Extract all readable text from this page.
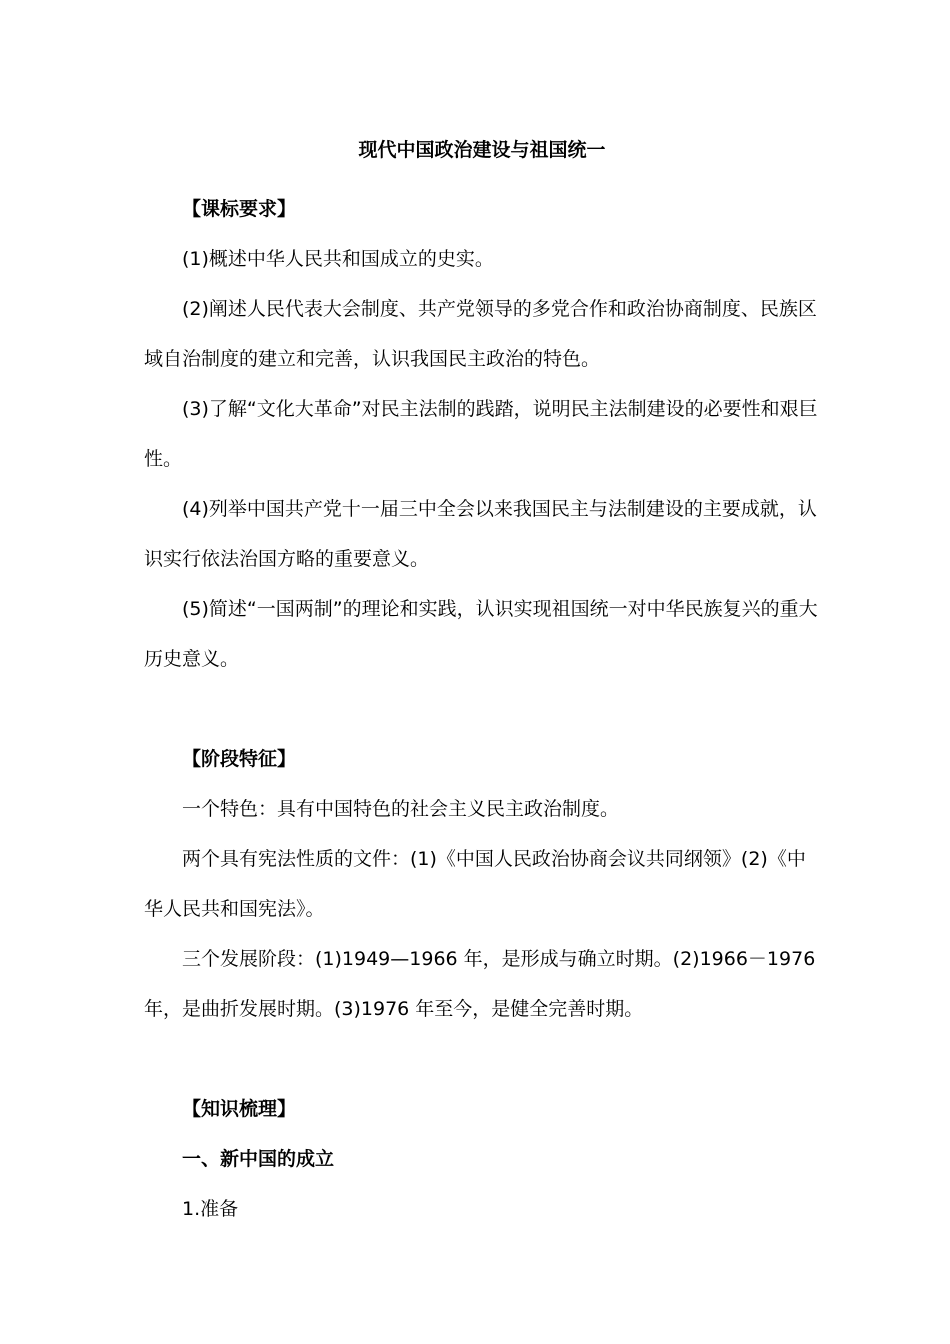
现代中国政治建设与祖国统一
【课标要求】

(1)概述中华人民共和国成立的史实。

(2)阐述人民代表大会制度、共产党领导的多党合作和政治协商制度、民族区域自治制度的建立和完善，认识我国民主政治的特色。

(3)了解“文化大革命”对民主法制的践踏，说明民主法制建设的必要性和艰巨性。

(4)列举中国共产党十一届三中全会以来我国民主与法制建设的主要成就，认识实行依法治国方略的重要意义。

(5)简述“一国两制”的理论和实践，认识实现祖国统一对中华民族复兴的重大历史意义。

【阶段特征】

一个特色：具有中国特色的社会主义民主政治制度。

两个具有宪法性质的文件：(1)《中国人民政治协商会议共同纲领》(2)《中华人民共和国宪法》。

三个发展阶段：(1)1949—1966 年，是形成与确立时期。(2)1966－1976 年，是曲折发展时期。(3)1976 年至今，是健全完善时期。

【知识梳理】
一、新中国的成立

1.准备
